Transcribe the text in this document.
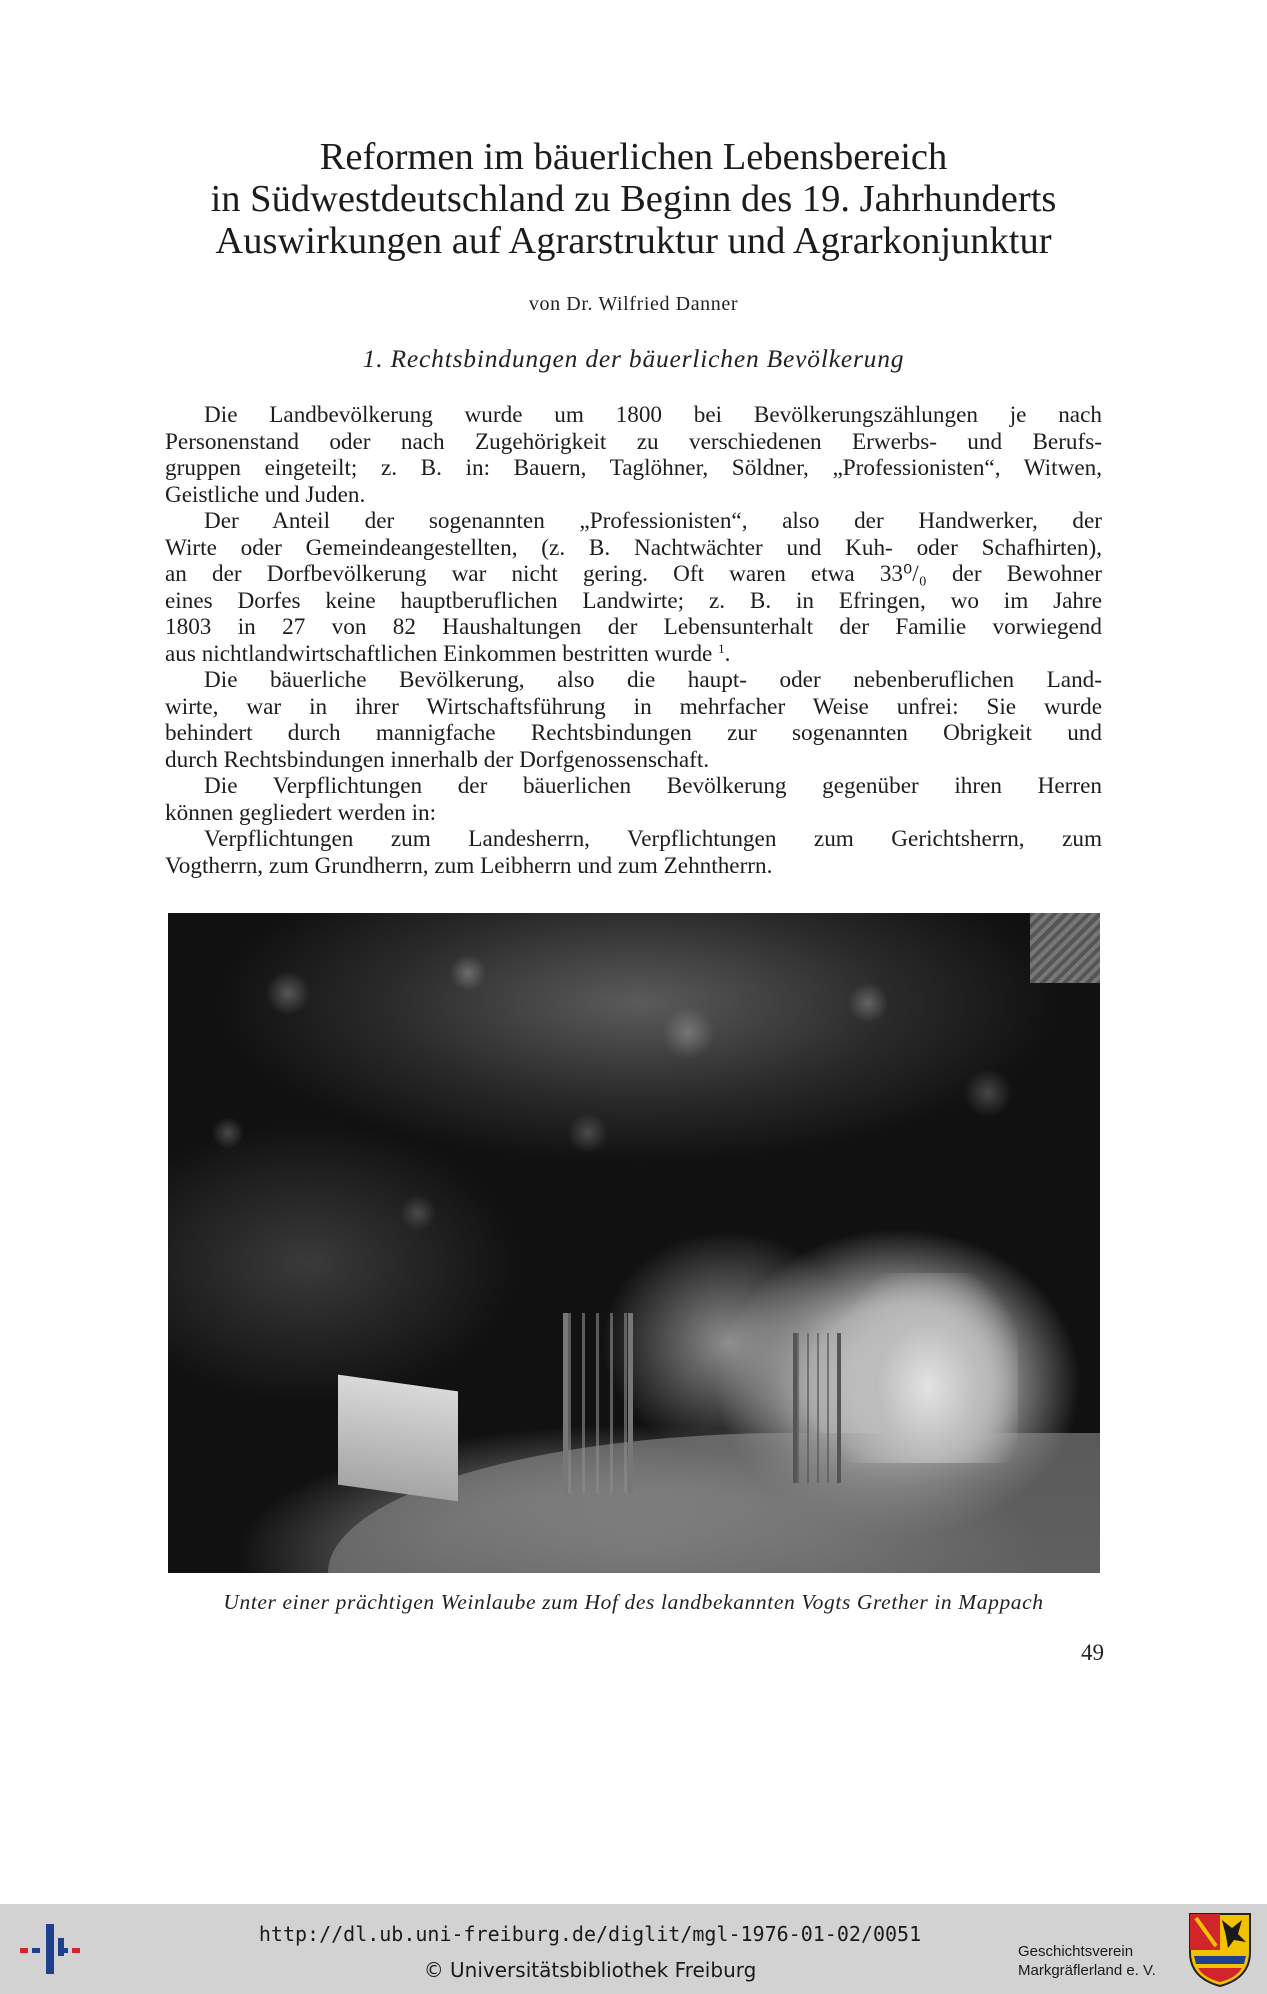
Reformen im bäuerlichen Lebensbereich
in Südwestdeutschland zu Beginn des 19. Jahrhunderts
Auswirkungen auf Agrarstruktur und Agrarkonjunktur
von Dr. Wilfried Danner
1. Rechtsbindungen der bäuerlichen Bevölkerung
Die Landbevölkerung wurde um 1800 bei Bevölkerungszählungen je nach
Personenstand oder nach Zugehörigkeit zu verschiedenen Erwerbs- und Berufs-
gruppen eingeteilt; z. B. in: Bauern, Taglöhner, Söldner, „Professionisten“, Witwen,
Geistliche und Juden.
Der Anteil der sogenannten „Professionisten“, also der Handwerker, der
Wirte oder Gemeindeangestellten, (z. B. Nachtwächter und Kuh- oder Schafhirten),
an der Dorfbevölkerung war nicht gering. Oft waren etwa 33⁰/₀ der Bewohner
eines Dorfes keine hauptberuflichen Landwirte; z. B. in Efringen, wo im Jahre
1803 in 27 von 82 Haushaltungen der Lebensunterhalt der Familie vorwiegend
aus nichtlandwirtschaftlichen Einkommen bestritten wurde $^1$.
Die bäuerliche Bevölkerung, also die haupt- oder nebenberuflichen Land-
wirte, war in ihrer Wirtschaftsführung in mehrfacher Weise unfrei: Sie wurde
behindert durch mannigfache Rechtsbindungen zur sogenannten Obrigkeit und
durch Rechtsbindungen innerhalb der Dorfgenossenschaft.
Die Verpflichtungen der bäuerlichen Bevölkerung gegenüber ihren Herren
können gegliedert werden in:
Verpflichtungen zum Landesherrn, Verpflichtungen zum Gerichtsherrn, zum
Vogtherrn, zum Grundherrn, zum Leibherrn und zum Zehntherrn.
Unter einer prächtigen Weinlaube zum Hof des landbekannten Vogts Grether in Mappach
49
http://dl.ub.uni-freiburg.de/diglit/mgl-1976-01-02/0051
© Universitätsbibliothek Freiburg
Geschichtsverein
Markgräflerland e. V.
